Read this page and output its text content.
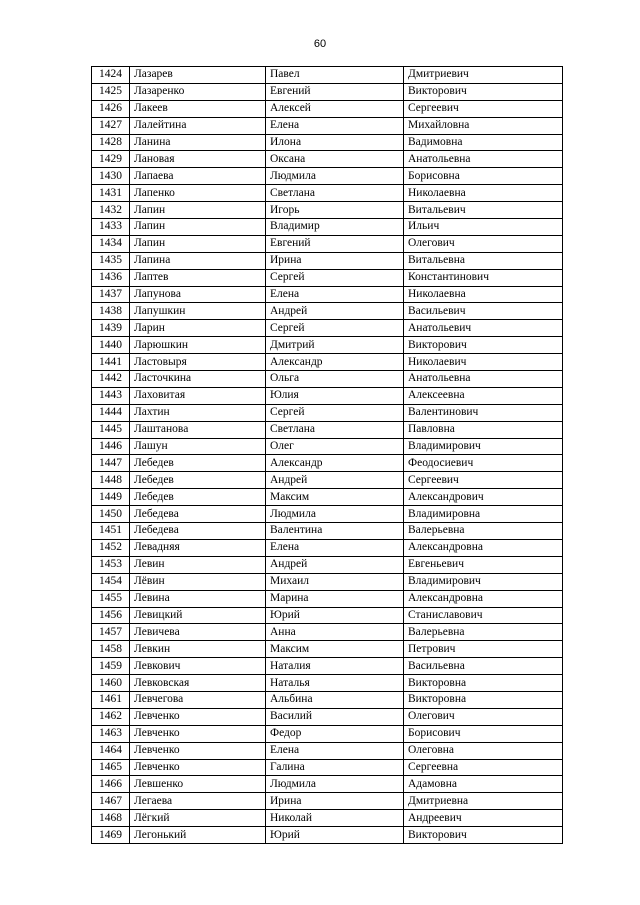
60
1424	Лазарев	Павел	Дмитриевич
1425	Лазаренко	Евгений	Викторович
1426	Лакеев	Алексей	Сергеевич
1427	Лалейтина	Елена	Михайловна
1428	Ланина	Илона	Вадимовна
1429	Лановая	Оксана	Анатольевна
1430	Лапаева	Людмила	Борисовна
1431	Лапенко	Светлана	Николаевна
1432	Лапин	Игорь	Витальевич
1433	Лапин	Владимир	Ильич
1434	Лапин	Евгений	Олегович
1435	Лапина	Ирина	Витальевна
1436	Лаптев	Сергей	Константинович
1437	Лапунова	Елена	Николаевна
1438	Лапушкин	Андрей	Васильевич
1439	Ларин	Сергей	Анатольевич
1440	Ларюшкин	Дмитрий	Викторович
1441	Ластовыря	Александр	Николаевич
1442	Ласточкина	Ольга	Анатольевна
1443	Лаховитая	Юлия	Алексеевна
1444	Лахтин	Сергей	Валентинович
1445	Лаштанова	Светлана	Павловна
1446	Лашун	Олег	Владимирович
1447	Лебедев	Александр	Феодосиевич
1448	Лебедев	Андрей	Сергеевич
1449	Лебедев	Максим	Александрович
1450	Лебедева	Людмила	Владимировна
1451	Лебедева	Валентина	Валерьевна
1452	Левадняя	Елена	Александровна
1453	Левин	Андрей	Евгеньевич
1454	Лёвин	Михаил	Владимирович
1455	Левина	Марина	Александровна
1456	Левицкий	Юрий	Станиславович
1457	Левичева	Анна	Валерьевна
1458	Левкин	Максим	Петрович
1459	Левкович	Наталия	Васильевна
1460	Левковская	Наталья	Викторовна
1461	Левчегова	Альбина	Викторовна
1462	Левченко	Василий	Олегович
1463	Левченко	Федор	Борисович
1464	Левченко	Елена	Олеговна
1465	Левченко	Галина	Сергеевна
1466	Левшенко	Людмила	Адамовна
1467	Легаева	Ирина	Дмитриевна
1468	Лёгкий	Николай	Андреевич
1469	Легонький	Юрий	Викторович
